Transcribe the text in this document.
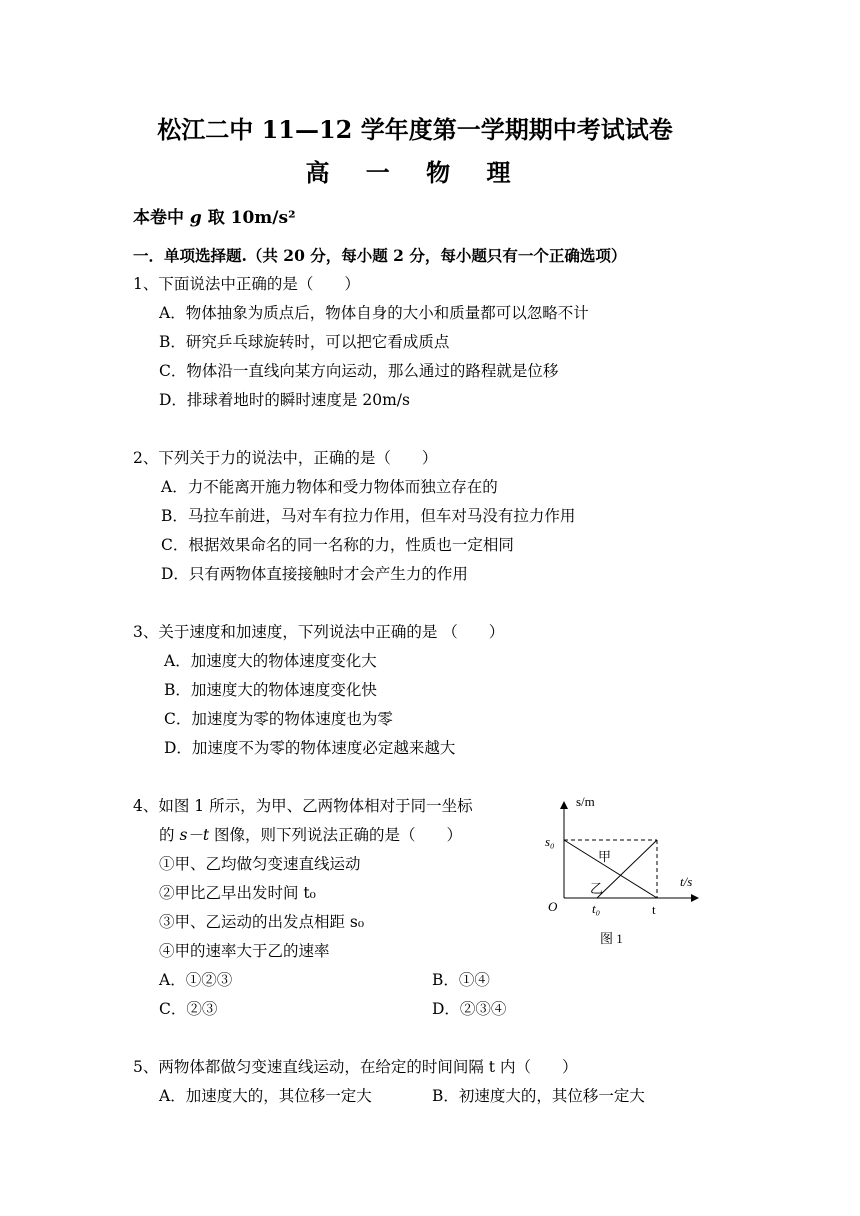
松江二中 11—12 学年度第一学期期中考试试卷
高 一 物 理
本卷中 g 取 10m/s²
一．单项选择题.（共 20 分，每小题 2 分，每小题只有一个正确选项）
1、下面说法中正确的是（　　）
A．物体抽象为质点后，物体自身的大小和质量都可以忽略不计
B．研究乒乓球旋转时，可以把它看成质点
C．物体沿一直线向某方向运动，那么通过的路程就是位移
D．排球着地时的瞬时速度是 20m/s
2、下列关于力的说法中，正确的是（　　）
A．力不能离开施力物体和受力物体而独立存在的
B．马拉车前进，马对车有拉力作用，但车对马没有拉力作用
C．根据效果命名的同一名称的力，性质也一定相同
D．只有两物体直接接触时才会产生力的作用
3、关于速度和加速度，下列说法中正确的是 （　　）
A．加速度大的物体速度变化大
B．加速度大的物体速度变化快
C．加速度为零的物体速度也为零
D．加速度不为零的物体速度必定越来越大
4、如图 1 所示，为甲、乙两物体相对于同一坐标
的 s－t 图像，则下列说法正确的是（　　）
①甲、乙均做匀变速直线运动
②甲比乙早出发时间 t₀
③甲、乙运动的出发点相距 s₀
④甲的速率大于乙的速率
A．①②③	B．①④
C．②③	D．②③④
s/m
t/s
O
s₀
t₀	t
甲
乙
图 1
5、两物体都做匀变速直线运动，在给定的时间间隔 t 内（　　）
A．加速度大的，其位移一定大	B．初速度大的，其位移一定大
